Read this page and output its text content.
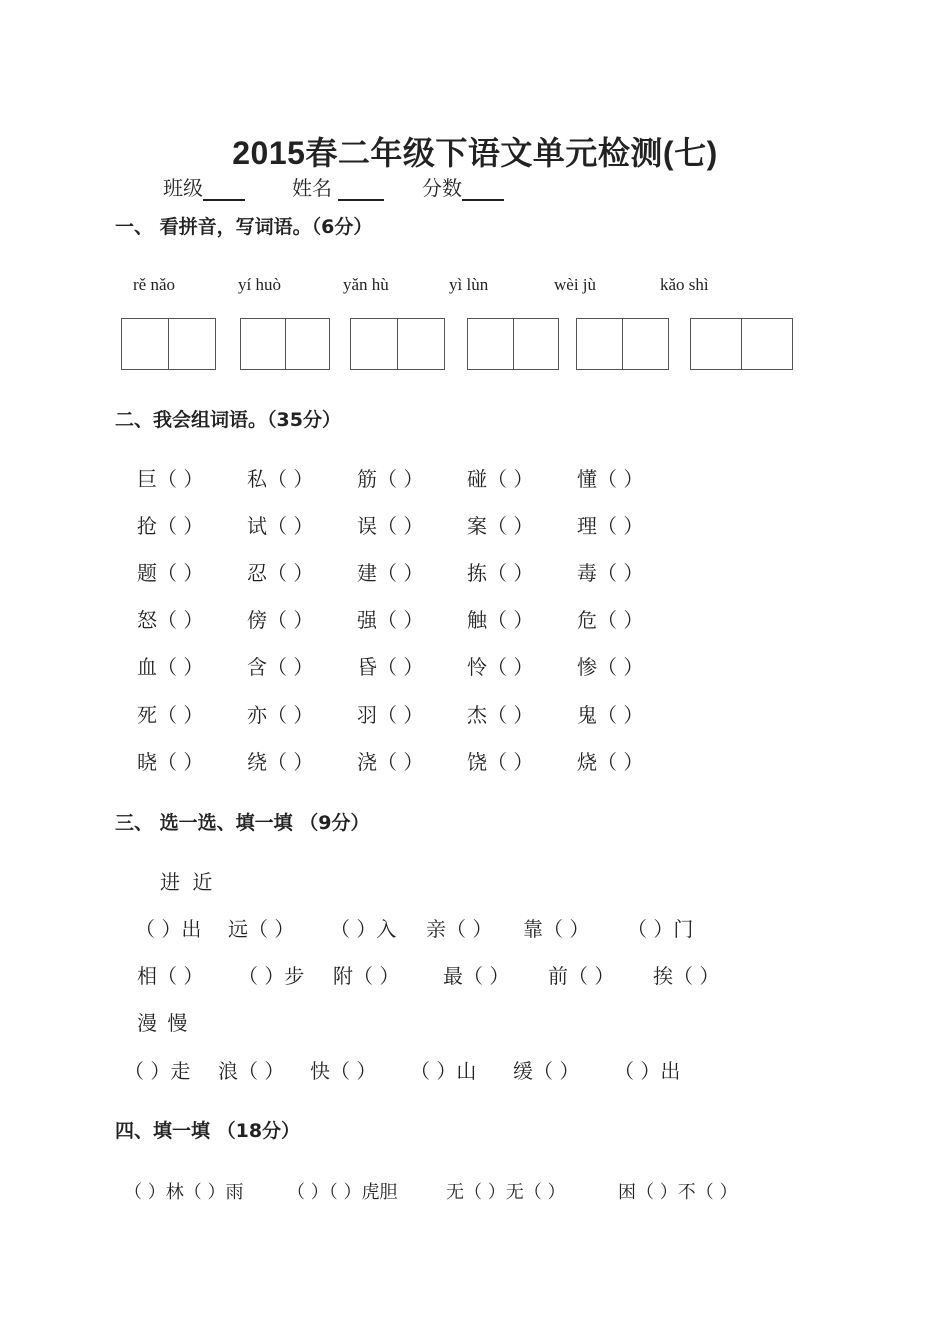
2015春二年级下语文单元检测(七)
班级	姓名	分数
一、 看拼音，写词语。（6分）
rě nǎo	yí huò	yǎn hù	yì lùn	wèi jù	kǎo shì
二、我会组词语。（35分）
巨（ ） 私（ ） 筋（ ） 碰（ ） 懂（ ）
抢（ ） 试（ ） 误（ ） 案（ ） 理（ ）
题（ ） 忍（ ） 建（ ） 拣（ ） 毒（ ）
怒（ ） 傍（ ） 强（ ） 触（ ） 危（ ）
血（ ） 含（ ） 昏（ ） 怜（ ） 惨（ ）
死（ ） 亦（ ） 羽（ ） 杰（ ） 鬼（ ）
晓（ ） 绕（ ） 浇（ ） 饶（ ） 烧（ ）
三、 选一选、填一填 （9分）
进 近
（ ）出 远（ ） （ ）入 亲（ ） 靠（ ） （ ）门
相（ ） （ ）步 附（ ） 最（ ） 前（ ） 挨（ ）
漫 慢
（ ）走 浪（ ） 快（ ） （ ）山 缓（ ） （ ）出
四、填一填 （18分）
（ ）林（ ）雨 （ ）（ ）虎胆	无（ ）无（ ）	困（ ）不（ ）
